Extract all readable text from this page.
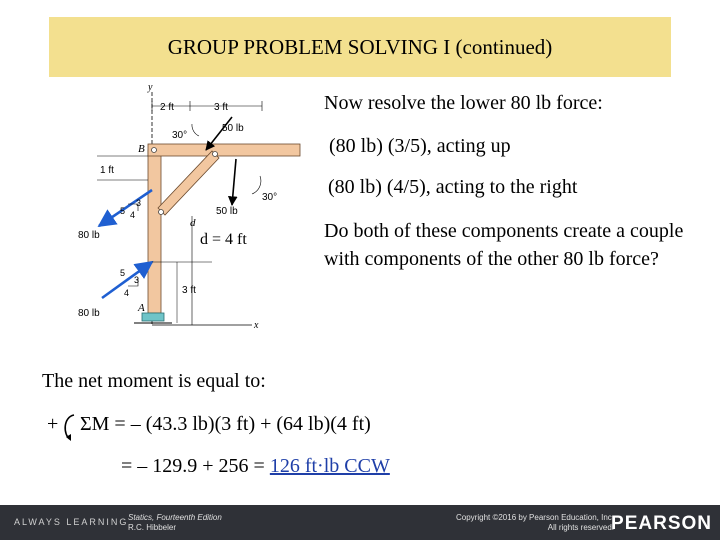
GROUP PROBLEM SOLVING I (continued)
y
x
2 ft	3 ft
A
B
1 ft
50 lb
30°
50 lb
30°
80 lb
3
5 4
d
80 lb
5
3
4	3 ft
d = 4 ft
Now resolve the lower 80 lb force:
(80 lb) (3/5), acting up
(80 lb) (4/5), acting to the right
Do both of these components create a couple with components of the other 80 lb force?
The net moment is equal to:
+ ΣM = – (43.3 lb)(3 ft) + (64 lb)(4 ft)
= – 129.9 + 256 = 126 ft·lb CCW
ALWAYS LEARNING Statics, Fourteenth Edition
R.C. Hibbeler
Copyright ©2016 by Pearson Education, Inc.
All rights reserved.
PEARSON
